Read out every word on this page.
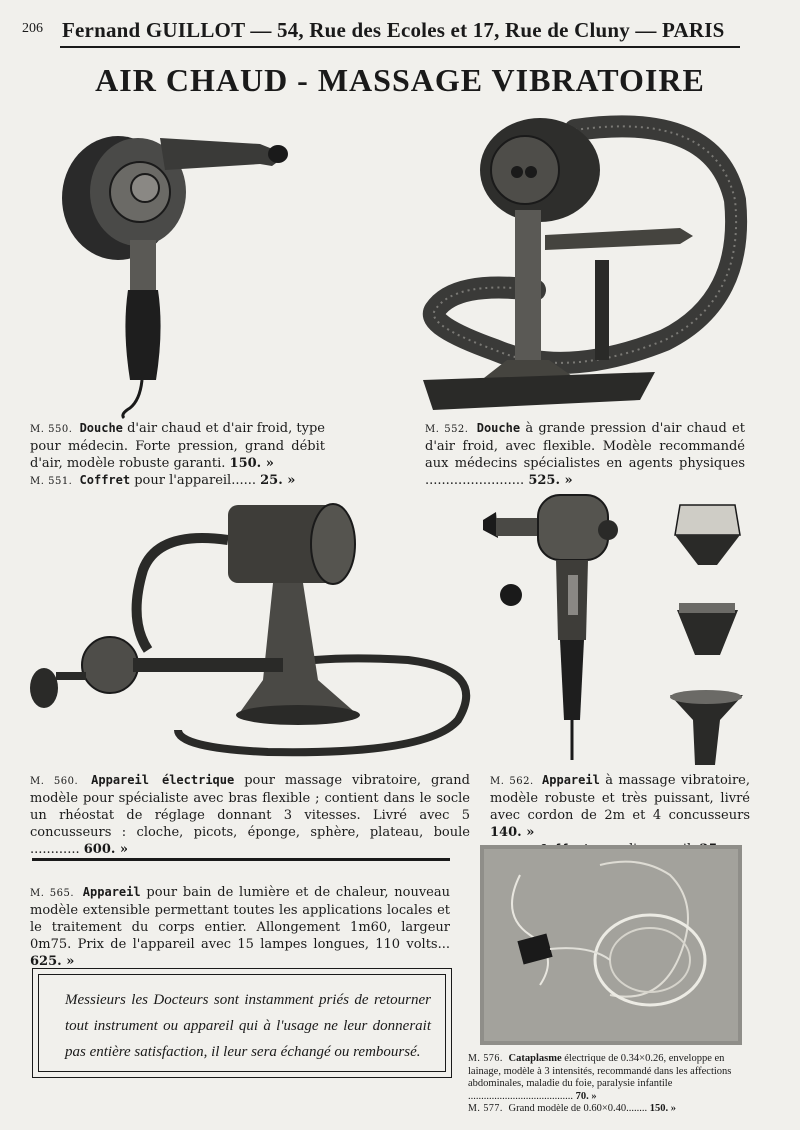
206 Fernand GUILLOT — 54, Rue des Ecoles et 17, Rue de Cluny — PARIS
AIR CHAUD - MASSAGE VIBRATOIRE

M. 550. Douche d'air chaud et d'air froid, type pour médecin. Forte pression, grand débit d'air, modèle robuste garanti. 150. »

M. 551. Coffret pour l'appareil...... 25. »

M. 552. Douche à grande pression d'air chaud et d'air froid, avec flexible. Modèle recommandé aux médecins spécialistes en agents physiques ........................ 525. »

M. 560. Appareil électrique pour massage vibratoire, grand modèle pour spécialiste avec bras flexible ; contient dans le socle un rhéostat de réglage donnant 3 vitesses. Livré avec 5 concusseurs : cloche, picots, éponge, sphère, plateau, boule ............ 600. »

M. 562. Appareil à massage vibratoire, modèle robuste et très puissant, livré avec cordon de 2m et 4 concusseurs 140. »

M. 565. Appareil pour bain de lumière et de chaleur, nouveau modèle extensible permettant toutes les applications locales et le traitement du corps entier. Allongement 1m60, largeur 0m75. Prix de l'appareil avec 15 lampes longues, 110 volts... 625. »

Messieurs les Docteurs sont instamment priés de retourner tout instrument ou appareil qui à l'usage ne leur donnerait pas entière satisfaction, il leur sera échangé ou remboursé.	M. 576. Cataplasme électrique de 0.34×0.26, enveloppe en lainage, modèle à 3 intensités, recommandé dans les affections abdominales, maladie du foie, paralysie infantile ........................................ 70. »

M. 577. Grand modèle de 0.60×0.40........ 150. »
